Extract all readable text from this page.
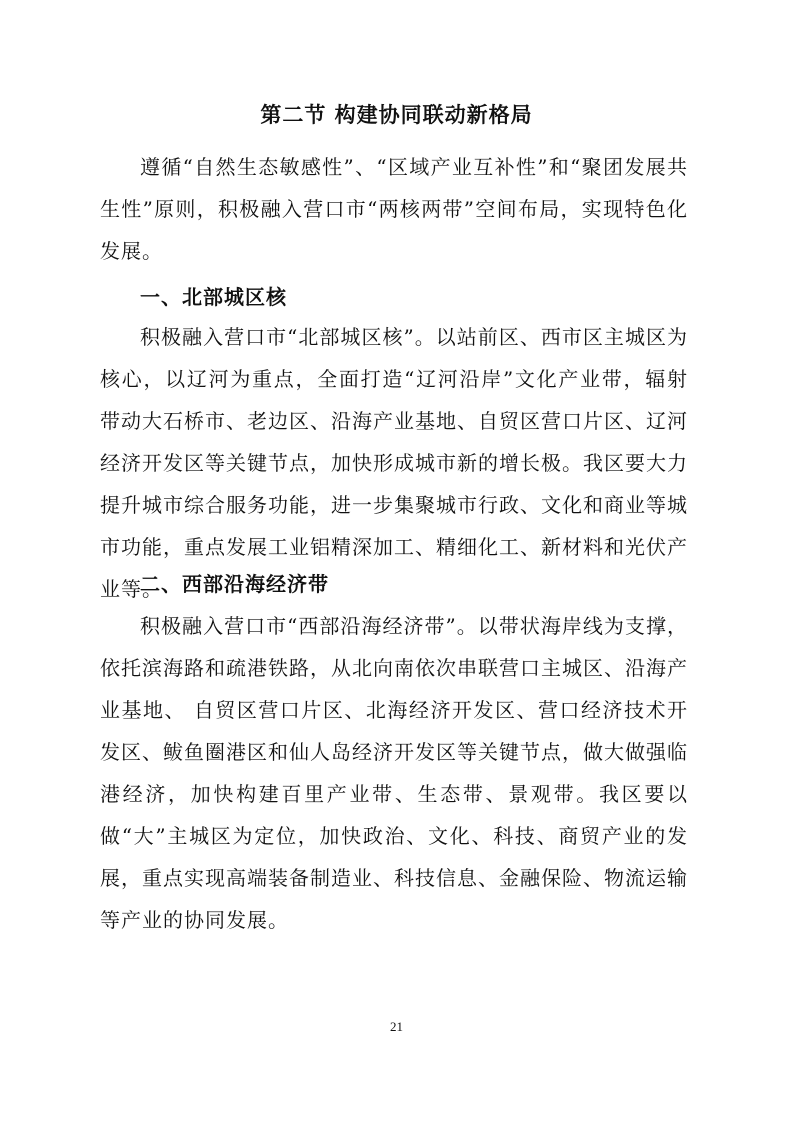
第二节 构建协同联动新格局

遵循“自然生态敏感性”、“区域产业互补性”和“聚团发展共生性”原则，积极融入营口市“两核两带”空间布局，实现特色化发展。

一、北部城区核

积极融入营口市“北部城区核”。以站前区、西市区主城区为核心，以辽河为重点，全面打造“辽河沿岸”文化产业带，辐射带动大石桥市、老边区、沿海产业基地、自贸区营口片区、辽河经济开发区等关键节点，加快形成城市新的增长极。我区要大力提升城市综合服务功能，进一步集聚城市行政、文化和商业等城市功能，重点发展工业铝精深加工、精细化工、新材料和光伏产业等。

二、西部沿海经济带

积极融入营口市“西部沿海经济带”。以带状海岸线为支撑，依托滨海路和疏港铁路，从北向南依次串联营口主城区、沿海产业基地、 自贸区营口片区、北海经济开发区、营口经济技术开发区、鲅鱼圈港区和仙人岛经济开发区等关键节点，做大做强临港经济，加快构建百里产业带、生态带、景观带。我区要以做“大”主城区为定位，加快政治、文化、科技、商贸产业的发展，重点实现高端装备制造业、科技信息、金融保险、物流运输等产业的协同发展。

21
